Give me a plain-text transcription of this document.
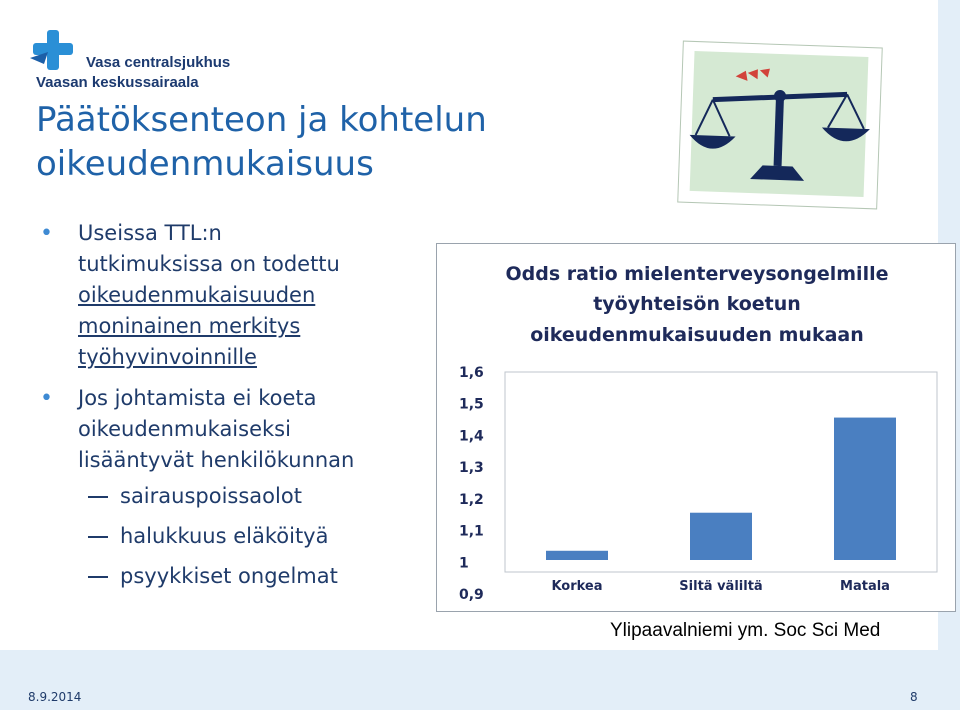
Vasa centralsjukhus
Vaasan keskussairaala
Päätöksenteon ja kohtelun
oikeudenmukaisuus
• Useissa TTL:n
tutkimuksissa on todettu
oikeudenmukaisuuden
moninainen merkitys
työhyvinvoinnille
• Jos johtamista ei koeta
oikeudenmukaiseksi
lisääntyvät henkilökunnan
sairauspoissaolot
halukkuus eläköityä
psyykkiset ongelmat
Odds ratio mielenterveysongelmille
työyhteisön koetun
oikeudenmukaisuuden mukaan
0,9
1
1,1
1,2
1,3
1,4
1,5
1,6
Korkea	Siltä väliltä	Matala
Ylipaavalniemi ym. Soc Sci Med
8.9.2014	8
